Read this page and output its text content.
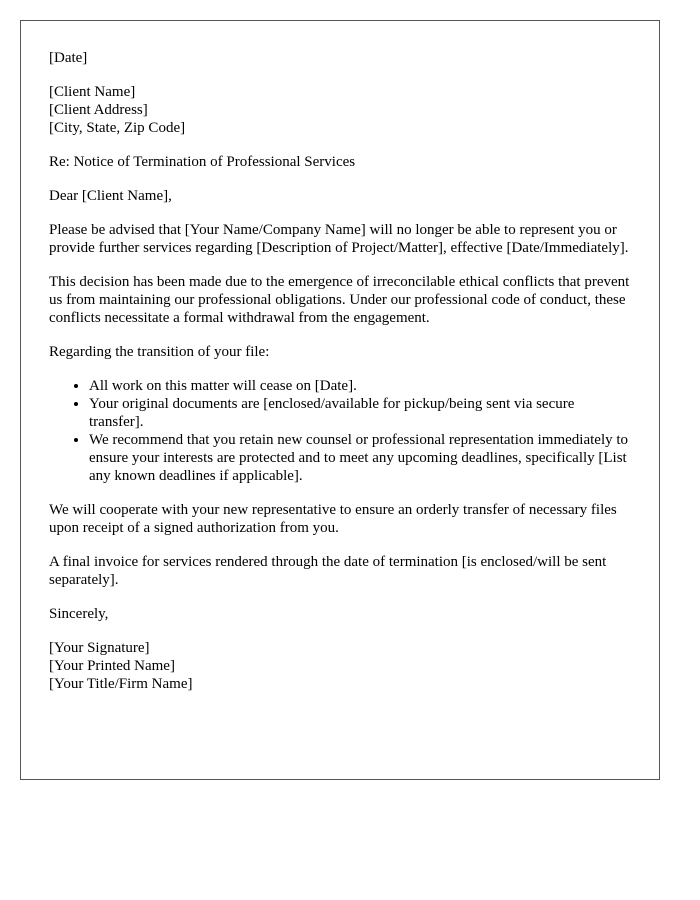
[Date]
[Client Name]
[Client Address]
[City, State, Zip Code]
Re: Notice of Termination of Professional Services
Dear [Client Name],
Please be advised that [Your Name/Company Name] will no longer be able to represent you or provide further services regarding [Description of Project/Matter], effective [Date/Immediately].
This decision has been made due to the emergence of irreconcilable ethical conflicts that prevent us from maintaining our professional obligations. Under our professional code of conduct, these conflicts necessitate a formal withdrawal from the engagement.
Regarding the transition of your file:
• All work on this matter will cease on [Date].
• Your original documents are [enclosed/available for pickup/being sent via secure transfer].
• We recommend that you retain new counsel or professional representation immediately to ensure your interests are protected and to meet any upcoming deadlines, specifically [List any known deadlines if applicable].
We will cooperate with your new representative to ensure an orderly transfer of necessary files upon receipt of a signed authorization from you.
A final invoice for services rendered through the date of termination [is enclosed/will be sent separately].
Sincerely,
[Your Signature]
[Your Printed Name]
[Your Title/Firm Name]
